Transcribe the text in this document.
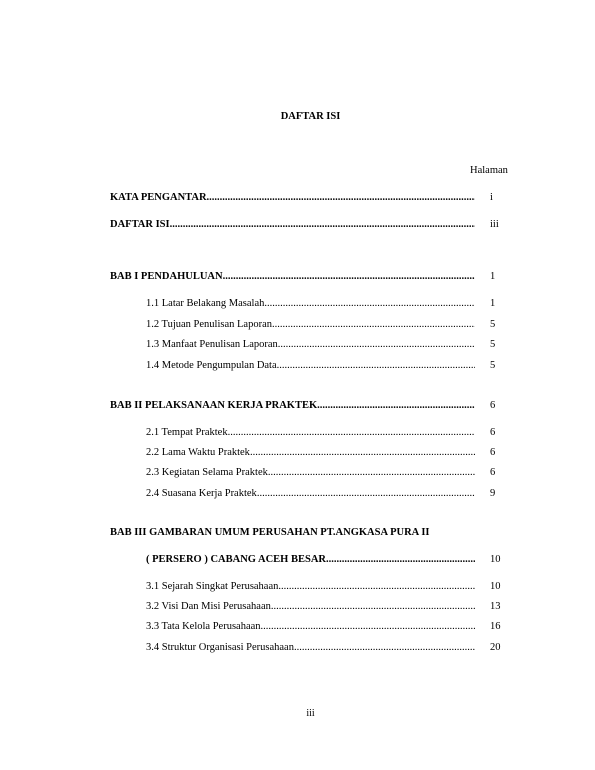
DAFTAR ISI
Halaman
KATA PENGANTAR .....	i
DAFTAR ISI .....	iii
BAB I PENDAHULUAN .....	1
1.1 Latar Belakang Masalah .....	1
1.2 Tujuan Penulisan Laporan .....	5
1.3 Manfaat Penulisan Laporan .....	5
1.4 Metode Pengumpulan Data .....	5
BAB II PELAKSANAAN KERJA PRAKTEK .....	6
2.1 Tempat Praktek .....	6
2.2 Lama Waktu Praktek .....	6
2.3 Kegiatan Selama Praktek .....	6
2.4 Suasana Kerja Praktek .....	9
BAB III GAMBARAN UMUM PERUSAHAN PT.ANGKASA PURA II
( PERSERO ) CABANG ACEH BESAR .....	10
3.1 Sejarah Singkat Perusahaan .....	10
3.2 Visi Dan Misi Perusahaan .....	13
3.3 Tata Kelola Perusahaan .....	16
3.4 Struktur Organisasi Perusahaan .....	20
iii
